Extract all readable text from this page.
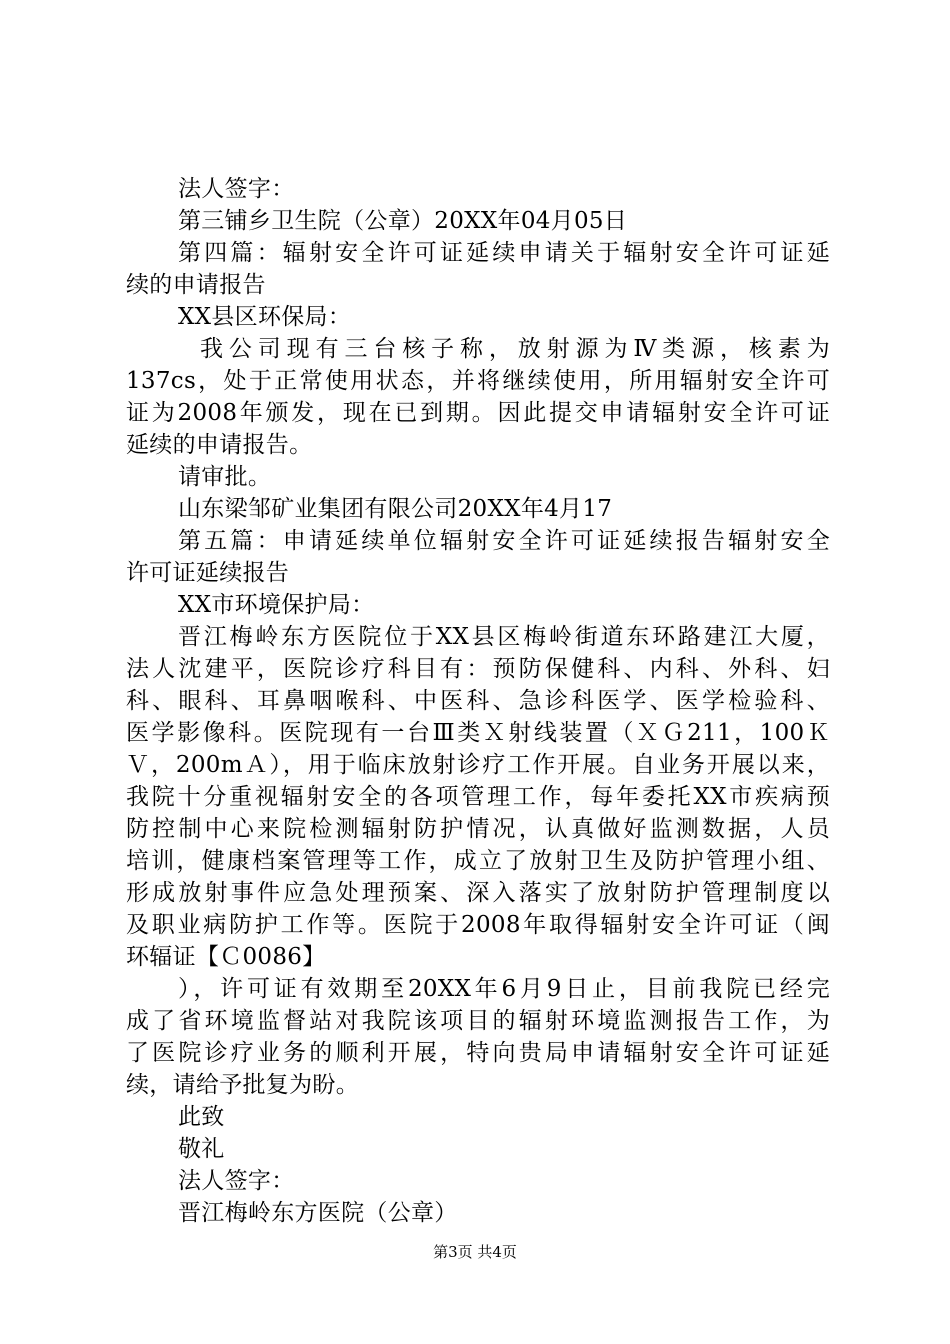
法人签字：
第三铺乡卫生院（公章）20XX年04月05日
第四篇：辐射安全许可证延续申请关于辐射安全许可证延
续的申请报告
XX县区环保局：
我公司现有三台核子称，放射源为Ⅳ类源，核素为
137cs，处于正常使用状态，并将继续使用，所用辐射安全许可
证为2008年颁发，现在已到期。因此提交申请辐射安全许可证
延续的申请报告。
请审批。
山东梁邹矿业集团有限公司20XX年4月17
第五篇：申请延续单位辐射安全许可证延续报告辐射安全
许可证延续报告
XX市环境保护局：
晋江梅岭东方医院位于XX县区梅岭街道东环路建江大厦，
法人沈建平，医院诊疗科目有：预防保健科、内科、外科、妇
科、眼科、耳鼻咽喉科、中医科、急诊科医学、医学检验科、
医学影像科。医院现有一台Ⅲ类Ｘ射线装置（ＸＧ211，100Ｋ
Ｖ，200mＡ），用于临床放射诊疗工作开展。自业务开展以来，
我院十分重视辐射安全的各项管理工作，每年委托XX市疾病预
防控制中心来院检测辐射防护情况，认真做好监测数据，人员
培训，健康档案管理等工作，成立了放射卫生及防护管理小组、
形成放射事件应急处理预案、深入落实了放射防护管理制度以
及职业病防护工作等。医院于2008年取得辐射安全许可证（闽
环辐证【Ｃ0086】
），许可证有效期至20XX年6月9日止，目前我院已经完
成了省环境监督站对我院该项目的辐射环境监测报告工作，为
了医院诊疗业务的顺利开展，特向贵局申请辐射安全许可证延
续，请给予批复为盼。
此致
敬礼
法人签字：
晋江梅岭东方医院（公章）
第3页 共4页
